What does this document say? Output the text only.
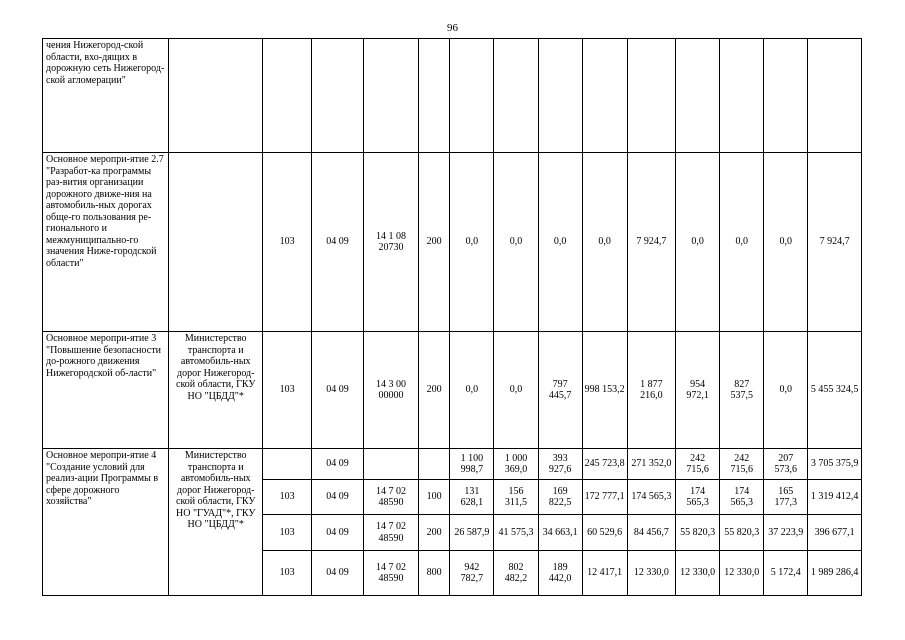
96
чения Нижегород-ской области, вхо-дящих в дорожную сеть Нижегород-ской агломерации"														
Основное меропри-ятие 2.7 "Разработ-ка программы раз-вития организации дорожного движе-ния на автомобиль-ных дорогах обще-го пользования ре-гионального и межмуниципально-го значения Ниже-городской области"		103	04 09	14 1 08 20730	200	0,0	0,0	0,0	0,0	7 924,7	0,0	0,0	0,0	7 924,7
Основное меропри-ятие 3 "Повышение безопасности до-рожного движения Нижегородской об-ласти"	Министерство транспорта и автомобиль-ных дорог Нижегород-ской области, ГКУ НО "ЦБДД"*	103	04 09	14 3 00 00000	200	0,0	0,0	797 445,7	998 153,2	1 877 216,0	954 972,1	827 537,5	0,0	5 455 324,5
Основное меропри-ятие 4 "Создание условий для реализ-ации Программы в сфере дорожного хозяйства"	Министерство транспорта и автомобиль-ных дорог Нижегород-ской области, ГКУ НО "ГУАД"*, ГКУ НО "ЦБДД"*		04 09			1 100 998,7	1 000 369,0	393 927,6	245 723,8	271 352,0	242 715,6	242 715,6	207 573,6	3 705 375,9
		103	04 09	14 7 02 48590	100	131 628,1	156 311,5	169 822,5	172 777,1	174 565,3	174 565,3	174 565,3	165 177,3	1 319 412,4
		103	04 09	14 7 02 48590	200	26 587,9	41 575,3	34 663,1	60 529,6	84 456,7	55 820,3	55 820,3	37 223,9	396 677,1
		103	04 09	14 7 02 48590	800	942 782,7	802 482,2	189 442,0	12 417,1	12 330,0	12 330,0	12 330,0	5 172,4	1 989 286,4
